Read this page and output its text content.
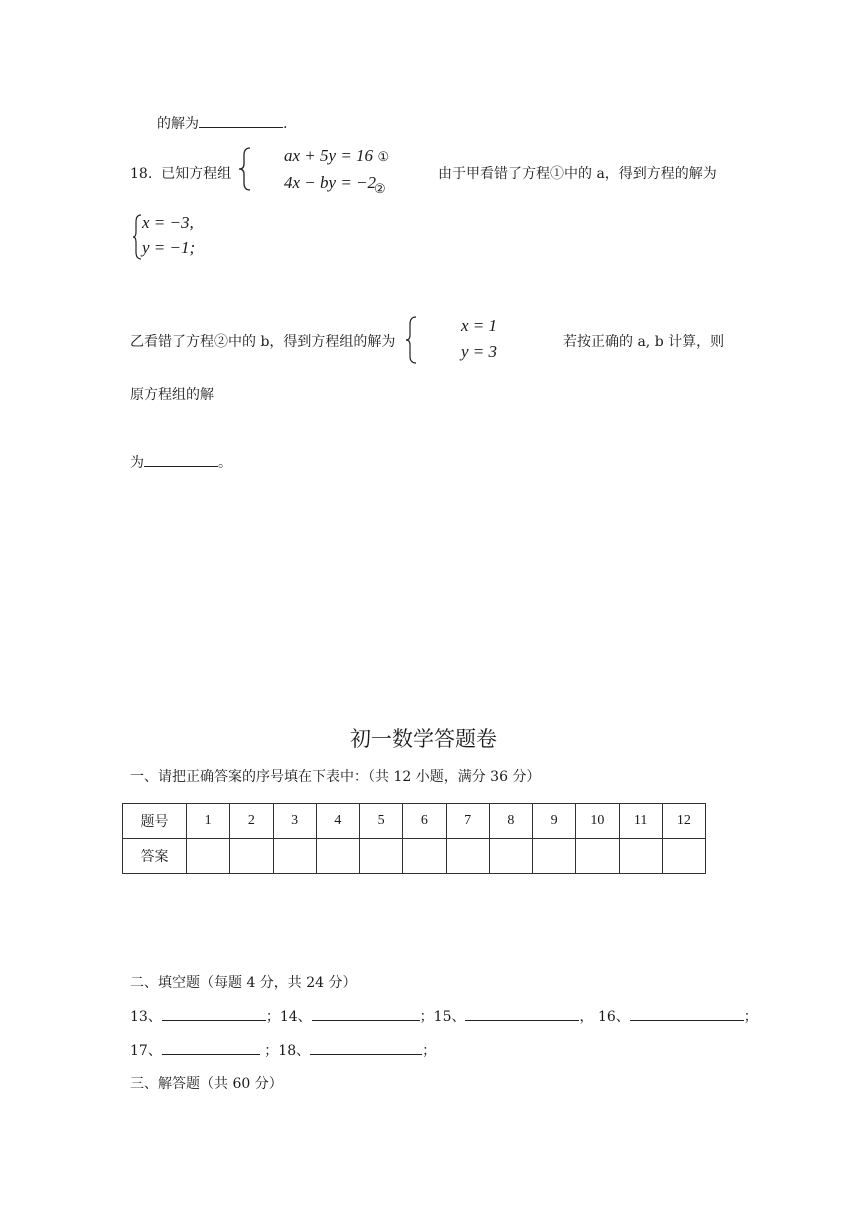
的解为	.
18. 已知方程组
ax + 5y = 16 ①
4x − by = −2
②
由于甲看错了方程①中的 a，得到方程的解为
x = −3,
y = −1;
乙看错了方程②中的 b，得到方程组的解为
x = 1
y = 3	若按正确的 a, b 计算，则
原方程组的解
为	。
初一数学答题卷
一、请把正确答案的序号填在下表中：（共 12 小题，满分 36 分）
题号	1	2	3	4	5	6	7	8	9	10	11	12
答案												
二、填空题（每题 4 分，共 24 分）
13、	；14、	；15、	， 16、	；
17、	；18、	；
三、解答题（共 60 分）
